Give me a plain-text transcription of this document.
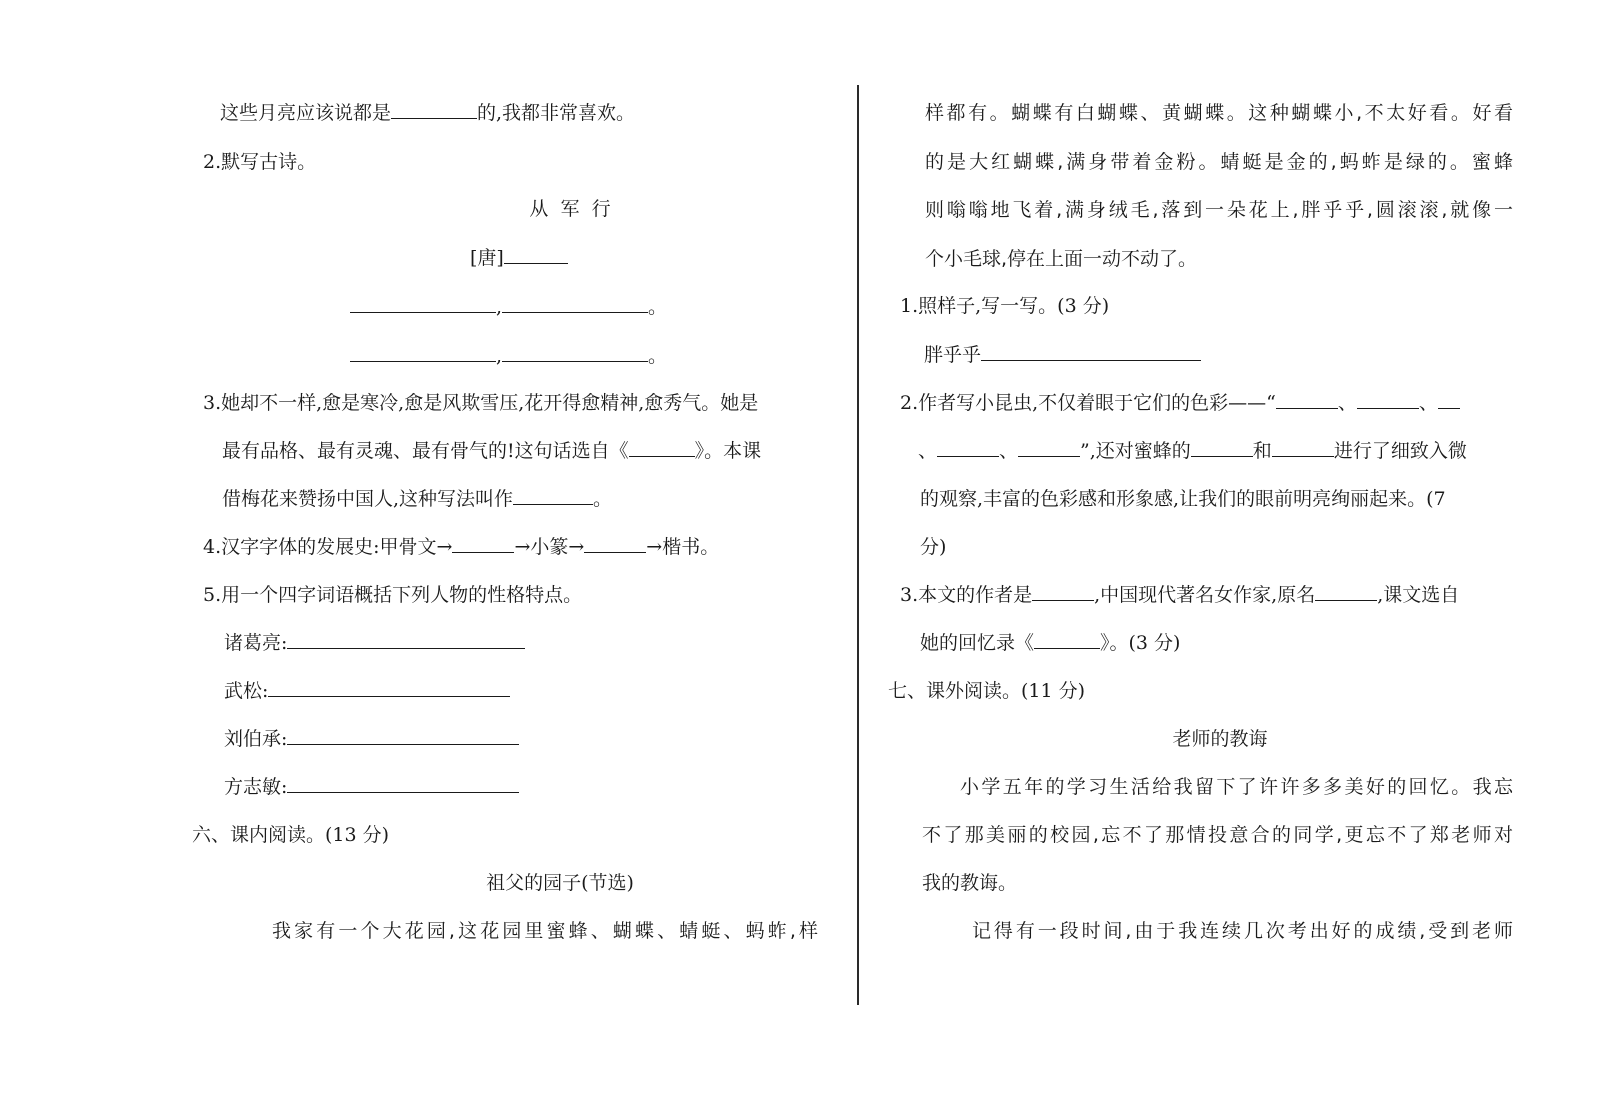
这些月亮应该说都是	的,我都非常喜欢。
2.默写古诗。
从  军  行
[唐]
,	。
,	。
3.她却不一样,愈是寒冷,愈是风欺雪压,花开得愈精神,愈秀气。她是
最有品格、最有灵魂、最有骨气的!这句话选自《	》。本课
借梅花来赞扬中国人,这种写法叫作	。
4.汉字字体的发展史:甲骨文→	→小篆→	→楷书。
5.用一个四字词语概括下列人物的性格特点。
诸葛亮:
武松:
刘伯承:
方志敏:
六、课内阅读。(13 分)
祖父的园子(节选)
我家有一个大花园,这花园里蜜蜂、蝴蝶、蜻蜓、蚂蚱,样
样都有。蝴蝶有白蝴蝶、黄蝴蝶。这种蝴蝶小,不太好看。好看
的是大红蝴蝶,满身带着金粉。蜻蜓是金的,蚂蚱是绿的。蜜蜂
则嗡嗡地飞着,满身绒毛,落到一朵花上,胖乎乎,圆滚滚,就像一
个小毛球,停在上面一动不动了。
1.照样子,写一写。(3 分)
胖乎乎
2.作者写小昆虫,不仅着眼于它们的色彩——“	、	、
、	、	”,还对蜜蜂的	和	进行了细致入微
的观察,丰富的色彩感和形象感,让我们的眼前明亮绚丽起来。(7
分)
3.本文的作者是	,中国现代著名女作家,原名	,课文选自
她的回忆录《	》。(3 分)
七、课外阅读。(11 分)
老师的教诲
小学五年的学习生活给我留下了许许多多美好的回忆。我忘
不了那美丽的校园,忘不了那情投意合的同学,更忘不了郑老师对
我的教诲。
记得有一段时间,由于我连续几次考出好的成绩,受到老师
